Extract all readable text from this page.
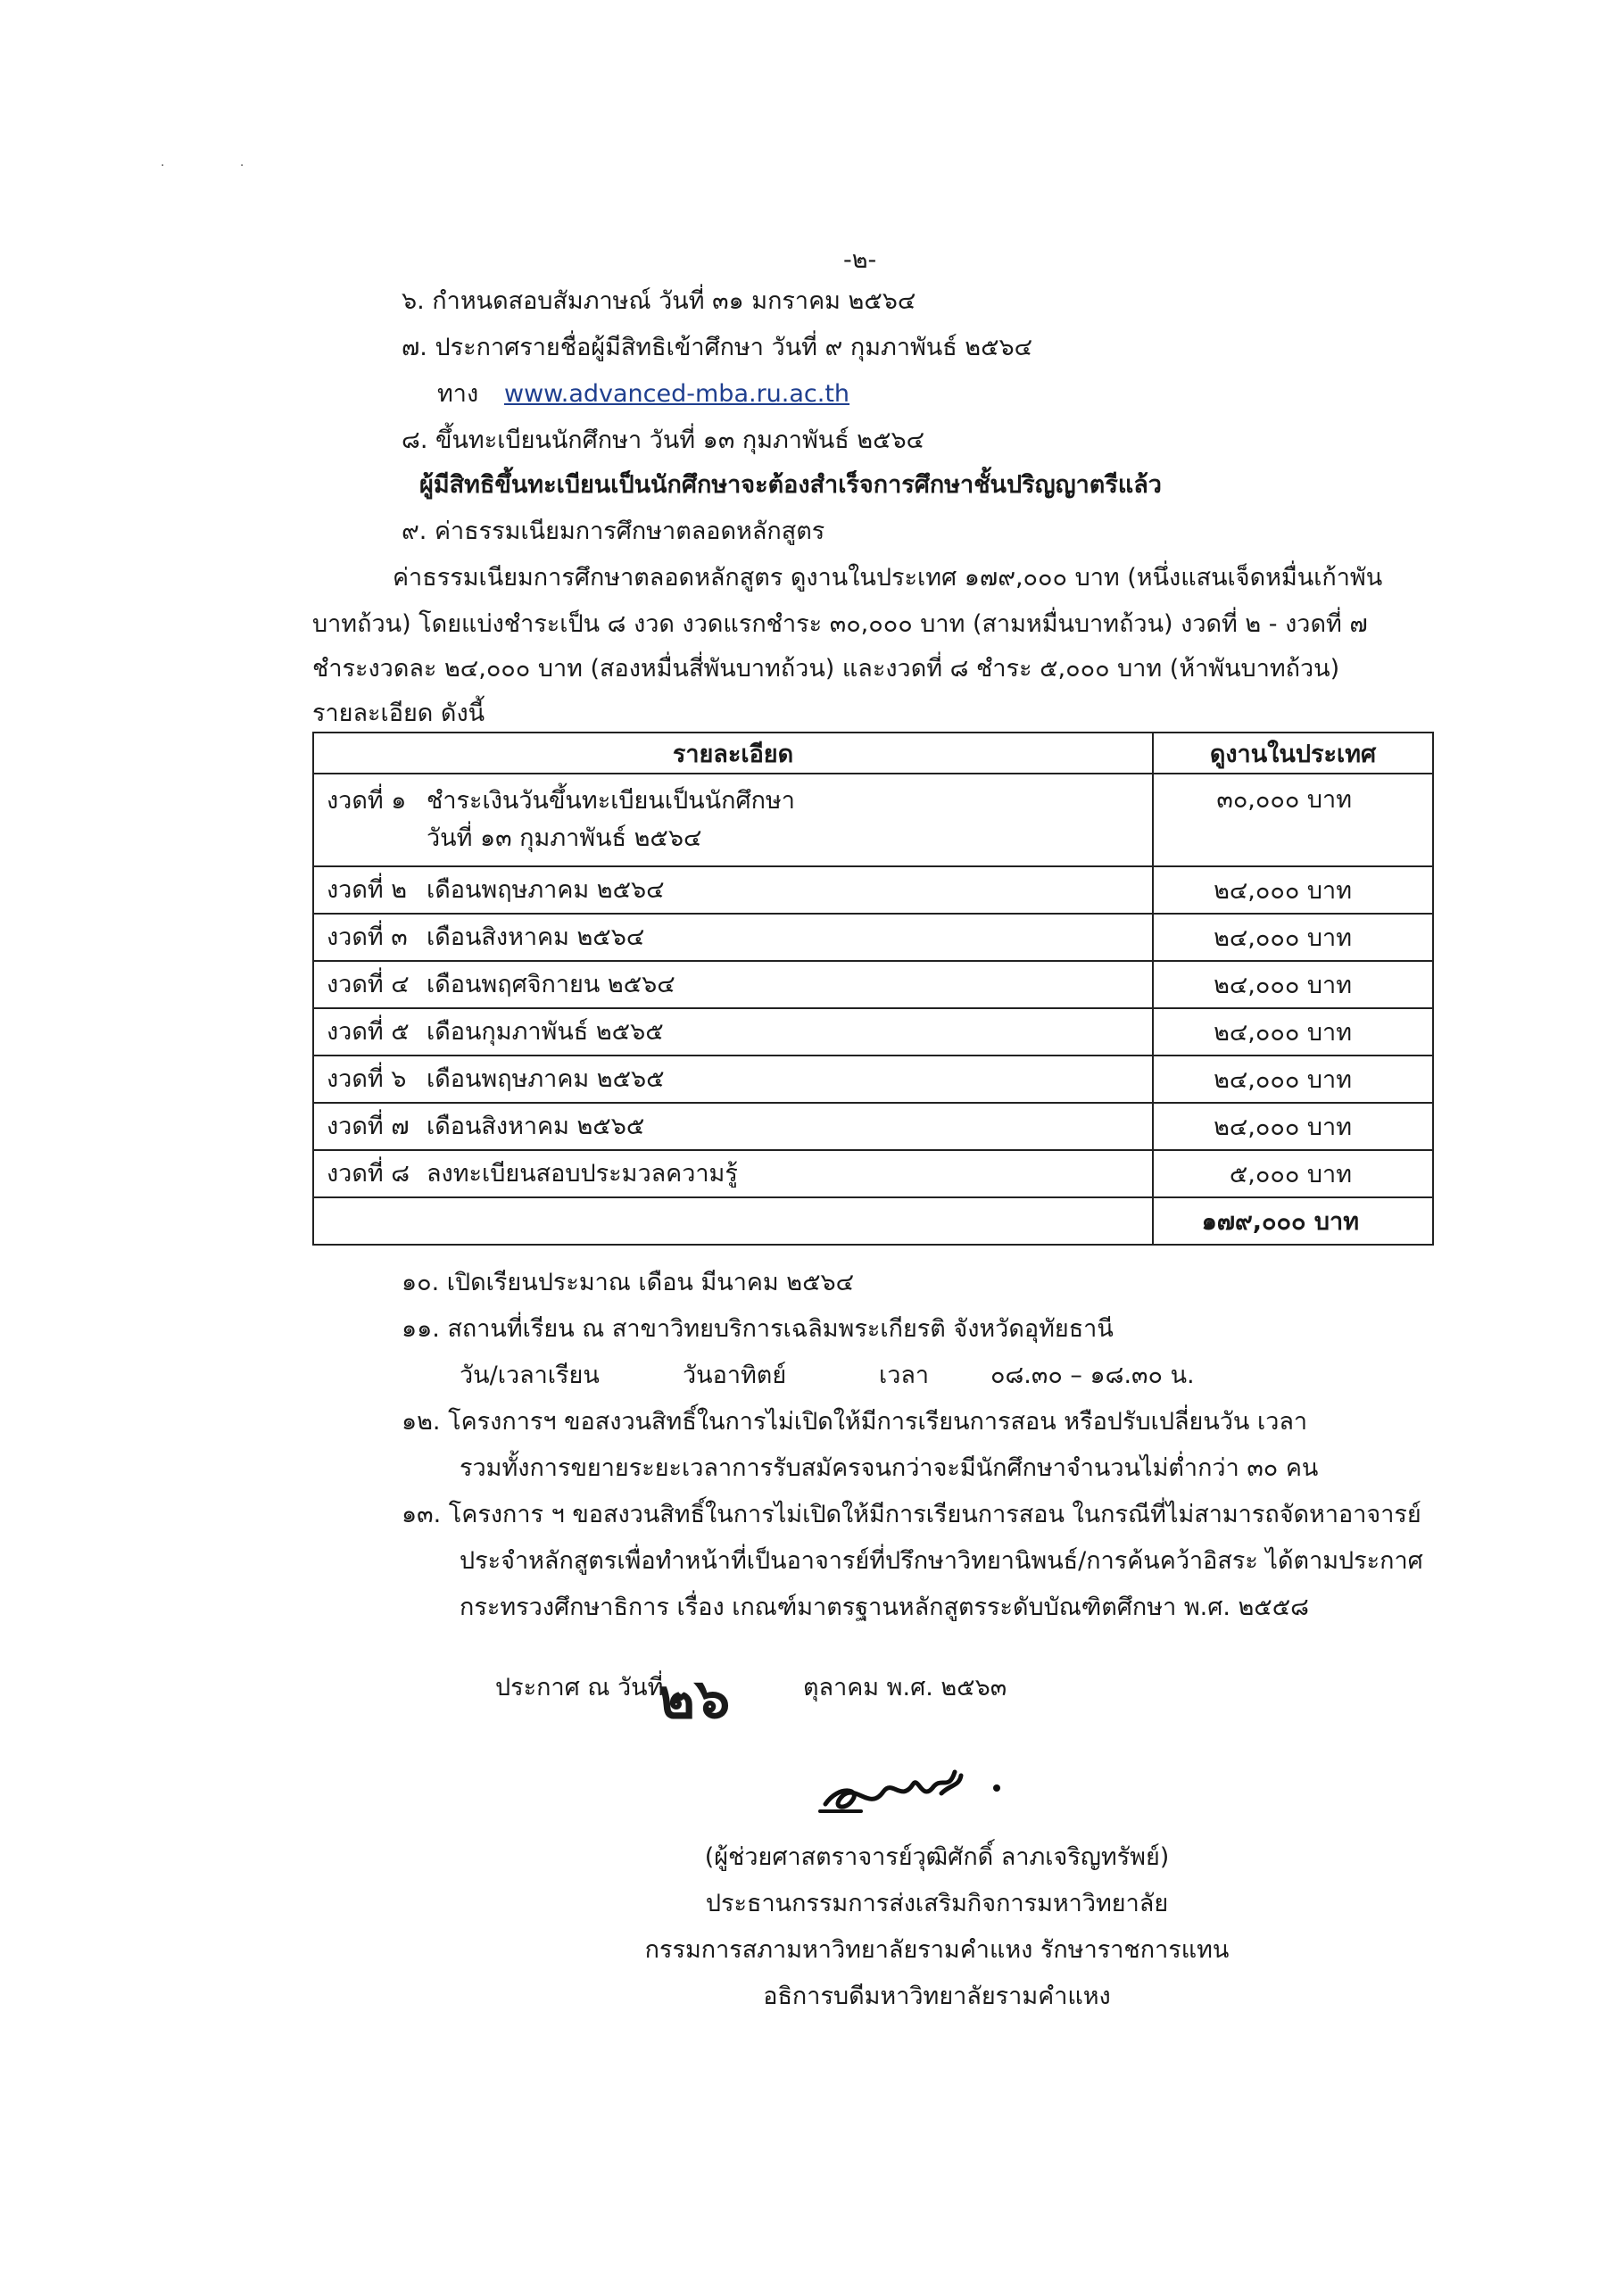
· ·
-๒-
๖. กำหนดสอบสัมภาษณ์ วันที่ ๓๑ มกราคม ๒๕๖๔
๗. ประกาศรายชื่อผู้มีสิทธิเข้าศึกษา วันที่ ๙ กุมภาพันธ์ ๒๕๖๔
ทาง www.advanced-mba.ru.ac.th
๘. ขึ้นทะเบียนนักศึกษา วันที่ ๑๓ กุมภาพันธ์ ๒๕๖๔
ผู้มีสิทธิขึ้นทะเบียนเป็นนักศึกษาจะต้องสำเร็จการศึกษาชั้นปริญญาตรีแล้ว
๙. ค่าธรรมเนียมการศึกษาตลอดหลักสูตร
ค่าธรรมเนียมการศึกษาตลอดหลักสูตร ดูงานในประเทศ ๑๗๙,๐๐๐ บาท (หนึ่งแสนเจ็ดหมื่นเก้าพัน
บาทถ้วน) โดยแบ่งชำระเป็น ๘ งวด งวดแรกชำระ ๓๐,๐๐๐ บาท (สามหมื่นบาทถ้วน) งวดที่ ๒ - งวดที่ ๗
ชำระงวดละ ๒๔,๐๐๐ บาท (สองหมื่นสี่พันบาทถ้วน) และงวดที่ ๘ ชำระ ๕,๐๐๐ บาท (ห้าพันบาทถ้วน)
รายละเอียด ดังนี้
รายละเอียด	ดูงานในประเทศ

งวดที่ ๑ ชำระเงินวันขึ้นทะเบียนเป็นนักศึกษา
วันที่ ๑๓ กุมภาพันธ์ ๒๕๖๔	๓๐,๐๐๐ บาท

งวดที่ ๒ เดือนพฤษภาคม ๒๕๖๔	๒๔,๐๐๐ บาท

งวดที่ ๓ เดือนสิงหาคม ๒๕๖๔	๒๔,๐๐๐ บาท

งวดที่ ๔ เดือนพฤศจิกายน ๒๕๖๔	๒๔,๐๐๐ บาท

งวดที่ ๕ เดือนกุมภาพันธ์ ๒๕๖๕	๒๔,๐๐๐ บาท

งวดที่ ๖ เดือนพฤษภาคม ๒๕๖๕	๒๔,๐๐๐ บาท

งวดที่ ๗ เดือนสิงหาคม ๒๕๖๕	๒๔,๐๐๐ บาท

งวดที่ ๘ ลงทะเบียนสอบประมวลความรู้	๕,๐๐๐ บาท
	๑๗๙,๐๐๐ บาท
๑๐. เปิดเรียนประมาณ เดือน มีนาคม ๒๕๖๔
๑๑. สถานที่เรียน ณ สาขาวิทยบริการเฉลิมพระเกียรติ จังหวัดอุทัยธานี
วัน/เวลาเรียน	วันอาทิตย์	เวลา	๐๘.๓๐ – ๑๘.๓๐ น.
๑๒. โครงการฯ ขอสงวนสิทธิ์ในการไม่เปิดให้มีการเรียนการสอน หรือปรับเปลี่ยนวัน เวลา
รวมทั้งการขยายระยะเวลาการรับสมัครจนกว่าจะมีนักศึกษาจำนวนไม่ต่ำกว่า ๓๐ คน
๑๓. โครงการ ฯ ขอสงวนสิทธิ์ในการไม่เปิดให้มีการเรียนการสอน ในกรณีที่ไม่สามารถจัดหาอาจารย์
ประจำหลักสูตรเพื่อทำหน้าที่เป็นอาจารย์ที่ปรึกษาวิทยานิพนธ์/การค้นคว้าอิสระ ได้ตามประกาศ
กระทรวงศึกษาธิการ เรื่อง เกณฑ์มาตรฐานหลักสูตรระดับบัณฑิตศึกษา พ.ศ. ๒๕๕๘
ประกาศ ณ วันที่
๒๖	ตุลาคม พ.ศ. ๒๕๖๓
(ผู้ช่วยศาสตราจารย์วุฒิศักดิ์ ลาภเจริญทรัพย์)
ประธานกรรมการส่งเสริมกิจการมหาวิทยาลัย
กรรมการสภามหาวิทยาลัยรามคำแหง รักษาราชการแทน
อธิการบดีมหาวิทยาลัยรามคำแหง
